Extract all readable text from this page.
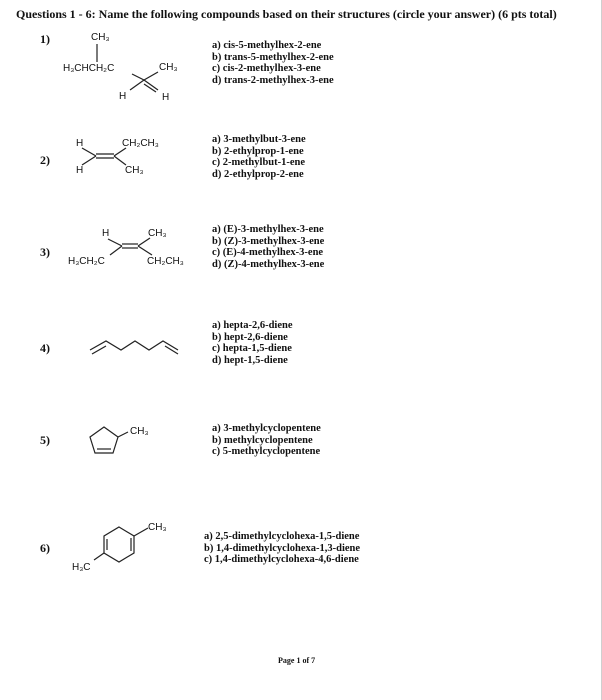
Questions 1 - 6: Name the following compounds based on their structures (circle your answer) (6 pts total)
1)	CH₃
H₃CHCH₂C	CH₃
H	H
a) cis-5-methylhex-2-ene
b) trans-5-methylhex-2-ene
c) cis-2-methylhex-3-ene
d) trans-2-methylhex-3-ene
2)
H
H
CH₂CH₃
CH₃
a) 3-methylbut-3-ene
b) 2-ethylprop-1-ene
c) 2-methylbut-1-ene
d) 2-ethylprop-2-ene
3)
H	CH₃
H₃CH₂C	CH₂CH₃
a) (E)-3-methylhex-3-ene
b) (Z)-3-methylhex-3-ene
c) (E)-4-methylhex-3-ene
d) (Z)-4-methylhex-3-ene
4)
a) hepta-2,6-diene
b) hept-2,6-diene
c) hepta-1,5-diene
d) hept-1,5-diene
5)
CH₃	a) 3-methylcyclopentene
b) methylcyclopentene
c) 5-methylcyclopentene
6)
CH₃
H₃C
a) 2,5-dimethylcyclohexa-1,5-diene
b) 1,4-dimethylcyclohexa-1,3-diene
c) 1,4-dimethylcyclohexa-4,6-diene
Page 1 of 7
